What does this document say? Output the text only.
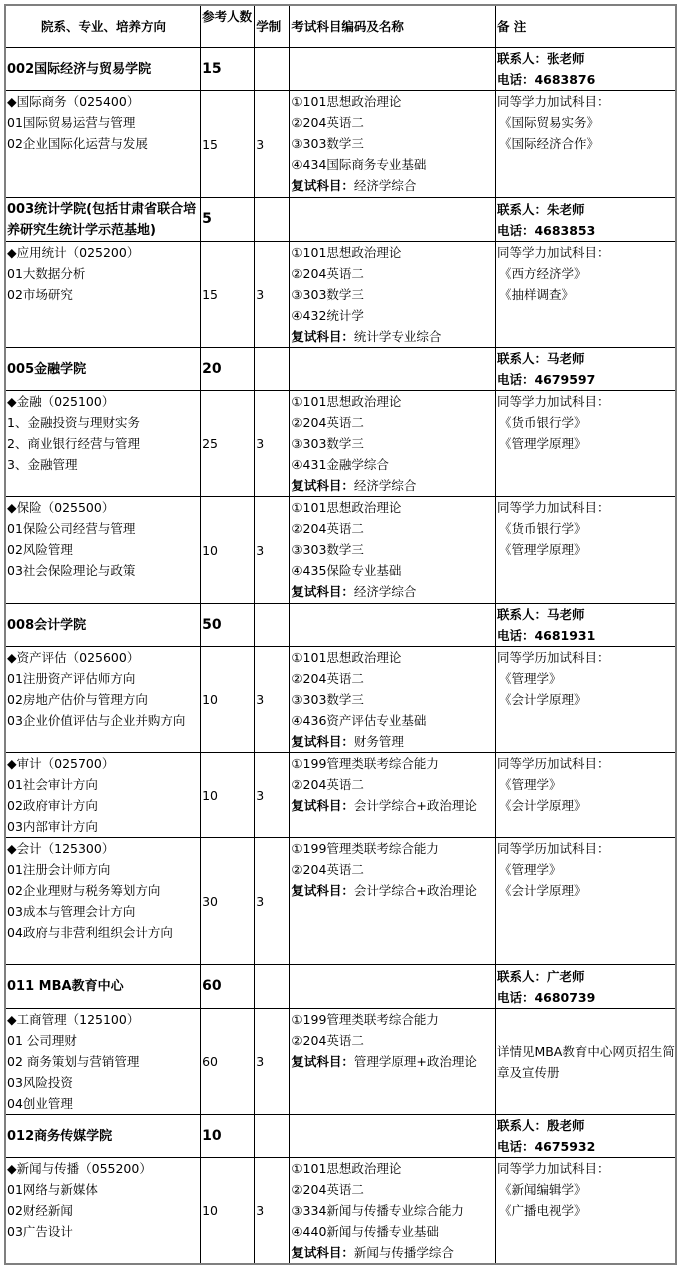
院系、专业、培养方向	参考人数	学制	考试科目编码及名称	备 注
002国际经济与贸易学院	15			联系人：张老师
电话：4683876

◆国际商务（025400）
01国际贸易运营与管理
02企业国际化运营与发展	15	3	①101思想政治理论
②204英语二
③303数学三
④434国际商务专业基础
复试科目：经济学综合	同等学力加试科目：
《国际贸易实务》
《国际经济合作》

003统计学院(包括甘肃省联合培养研究生统计学示范基地)	5			联系人：朱老师
电话：4683853

◆应用统计（025200）
01大数据分析
02市场研究	15	3	①101思想政治理论
②204英语二
③303数学三
④432统计学
复试科目：统计学专业综合	同等学力加试科目：
《西方经济学》
《抽样调查》

005金融学院	20			联系人：马老师
电话：4679597

◆金融（025100）
1、金融投资与理财实务
2、商业银行经营与管理
3、金融管理	25	3	①101思想政治理论
②204英语二
③303数学三
④431金融学综合
复试科目：经济学综合	同等学力加试科目：
《货币银行学》
《管理学原理》

◆保险（025500）
01保险公司经营与管理
02风险管理
03社会保险理论与政策	10	3	①101思想政治理论
②204英语二
③303数学三
④435保险专业基础
复试科目：经济学综合	同等学力加试科目：
《货币银行学》
《管理学原理》

008会计学院	50			联系人：马老师
电话：4681931

◆资产评估（025600）
01注册资产评估师方向
02房地产估价与管理方向
03企业价值评估与企业并购方向	10	3	①101思想政治理论
②204英语二
③303数学三
④436资产评估专业基础
复试科目：财务管理	同等学历加试科目：
《管理学》
《会计学原理》

◆审计（025700）
01社会审计方向
02政府审计方向
03内部审计方向	10	3	①199管理类联考综合能力
②204英语二
复试科目：会计学综合+政治理论	同等学历加试科目：
《管理学》
《会计学原理》

◆会计（125300）
01注册会计师方向
02企业理财与税务筹划方向
03成本与管理会计方向
04政府与非营利组织会计方向	30	3	①199管理类联考综合能力
②204英语二
复试科目：会计学综合+政治理论	同等学历加试科目：
《管理学》
《会计学原理》

011 MBA教育中心	60			联系人：广老师
电话：4680739

◆工商管理（125100）
01 公司理财
02 商务策划与营销管理
03风险投资
04创业管理	60	3	①199管理类联考综合能力
②204英语二
复试科目：管理学原理+政治理论	详情见MBA教育中心网页招生简章及宣传册

012商务传媒学院	10			联系人：殷老师
电话：4675932

◆新闻与传播（055200）
01网络与新媒体
02财经新闻
03广告设计	10	3	①101思想政治理论
②204英语二
③334新闻与传播专业综合能力
④440新闻与传播专业基础
复试科目：新闻与传播学综合	同等学力加试科目：
《新闻编辑学》
《广播电视学》
